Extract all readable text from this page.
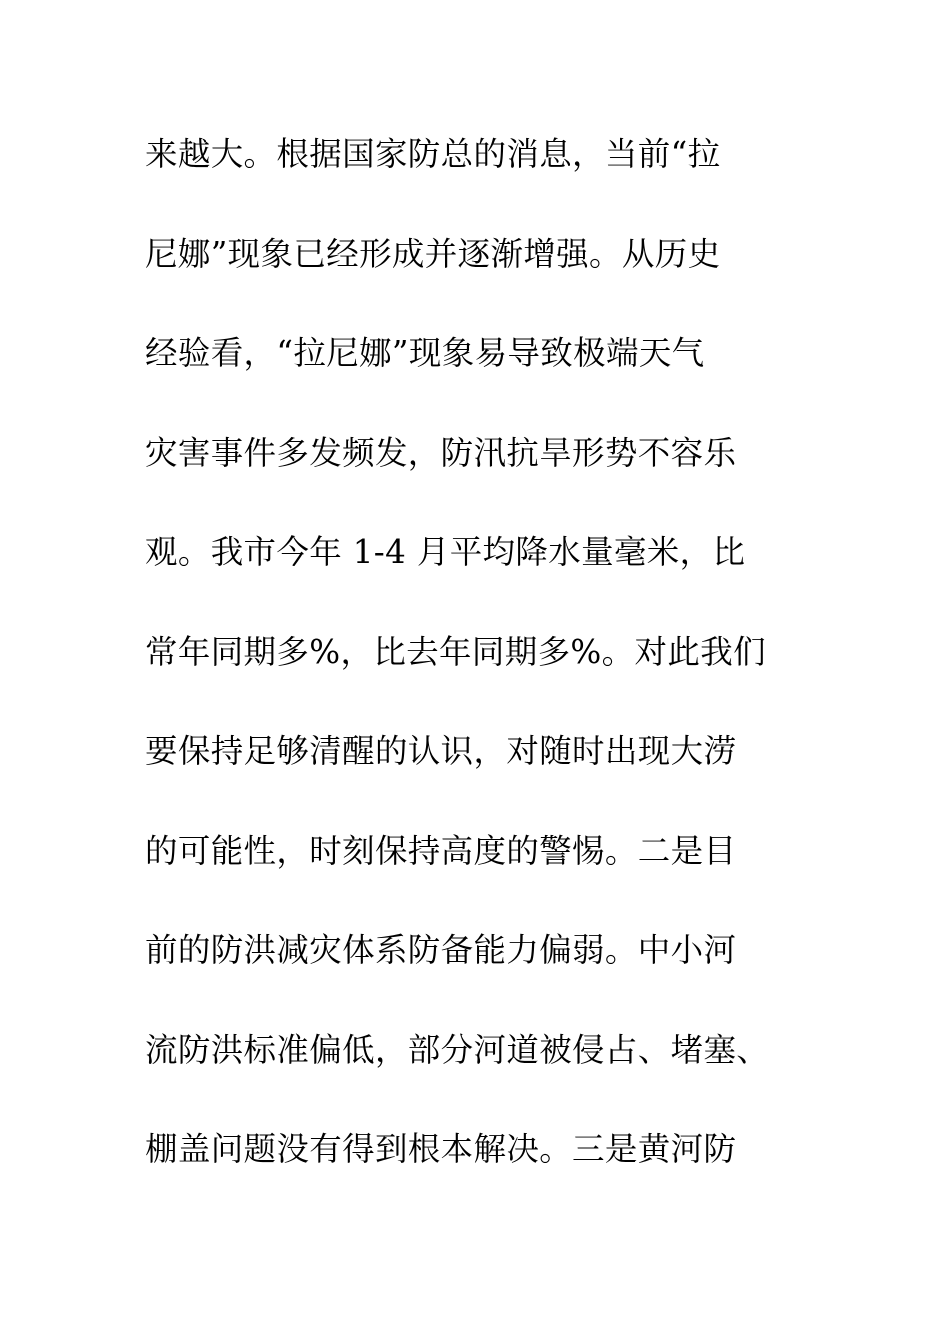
来越大。根据国家防总的消息，当前“拉
尼娜”现象已经形成并逐渐增强。从历史
经验看，“拉尼娜”现象易导致极端天气
灾害事件多发频发，防汛抗旱形势不容乐
观。我市今年 1-4 月平均降水量毫米，比
常年同期多%，比去年同期多%。对此我们
要保持足够清醒的认识，对随时出现大涝
的可能性，时刻保持高度的警惕。二是目
前的防洪减灾体系防备能力偏弱。中小河
流防洪标准偏低，部分河道被侵占、堵塞、
棚盖问题没有得到根本解决。三是黄河防
